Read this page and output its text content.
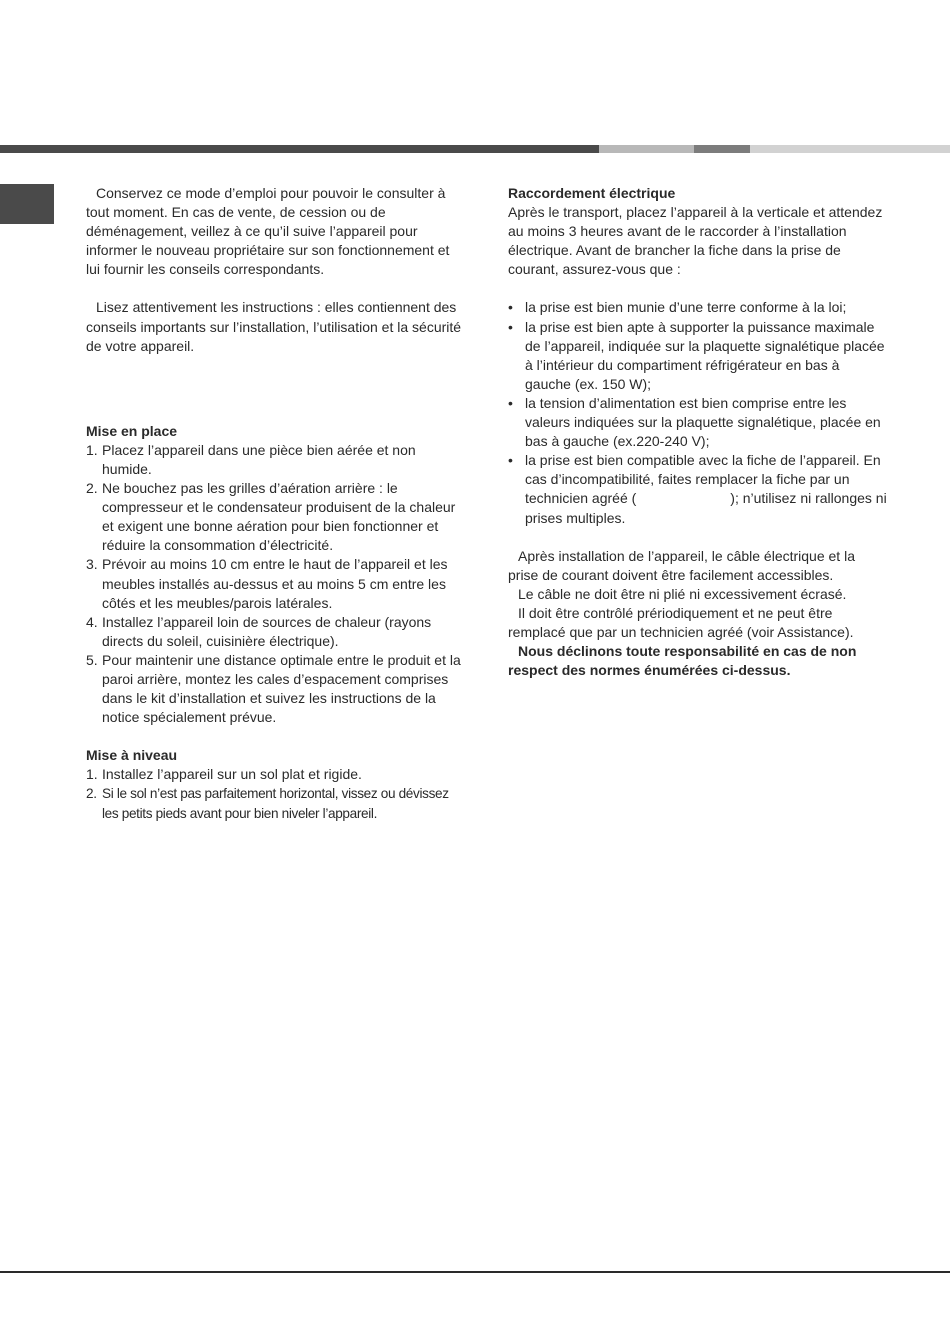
Conservez ce mode d’emploi pour pouvoir le consulter à tout moment. En cas de vente, de cession ou de déménagement, veillez à ce qu’il suive l’appareil pour informer le nouveau propriétaire sur son fonctionnement et lui fournir les conseils correspondants.

Lisez attentivement les instructions : elles contiennent des conseils importants sur l’installation, l’utilisation et la sécurité de votre appareil.

Mise en place

1. Placez l’appareil dans une pièce bien aérée et non humide.
2. Ne bouchez pas les grilles d’aération arrière : le compresseur et le condensateur produisent de la chaleur et exigent une bonne aération pour bien fonctionner et réduire la consommation d’électricité.
3. Prévoir au moins 10 cm entre le haut de l’appareil et les meubles installés au-dessus et au moins 5 cm entre les côtés et les meubles/parois latérales.
4. Installez l’appareil loin de sources de chaleur (rayons directs du soleil, cuisinière électrique).
5. Pour maintenir une distance optimale entre le produit et la paroi arrière, montez les cales d’espacement comprises dans le kit d’installation et suivez les instructions de la notice spécialement prévue.

Mise à niveau

1. Installez l’appareil sur un sol plat et rigide.
2. Si le sol n’est pas parfaitement horizontal, vissez ou dévissez les petits pieds avant pour bien niveler l’appareil.

Raccordement électrique

Après le transport, placez l’appareil à la verticale et attendez au moins 3 heures avant de le raccorder à l’installation électrique. Avant de brancher la fiche dans la prise de courant, assurez-vous que :

• la prise est bien munie d’une terre conforme à la loi;
• la prise est bien apte à supporter la puissance maximale de l’appareil, indiquée sur la plaquette signalétique placée à l’intérieur du compartiment réfrigérateur en bas à gauche (ex. 150 W);
• la tension d’alimentation est bien comprise entre les valeurs indiquées sur la plaquette signalétique, placée en bas à gauche (ex.220-240 V);
• la prise est bien compatible avec la fiche de l’appareil. En cas d’incompatibilité, faites remplacer la fiche par un technicien agréé (	); n’utilisez ni rallonges ni prises multiples.

Après installation de l’appareil, le câble électrique et la prise de courant doivent être facilement accessibles.

Le câble ne doit être ni plié ni excessivement écrasé.

Il doit être contrôlé prériodiquement et ne peut être remplacé que par un technicien agréé (voir Assistance).

Nous déclinons toute responsabilité en cas de non respect des normes énumérées ci-dessus.
